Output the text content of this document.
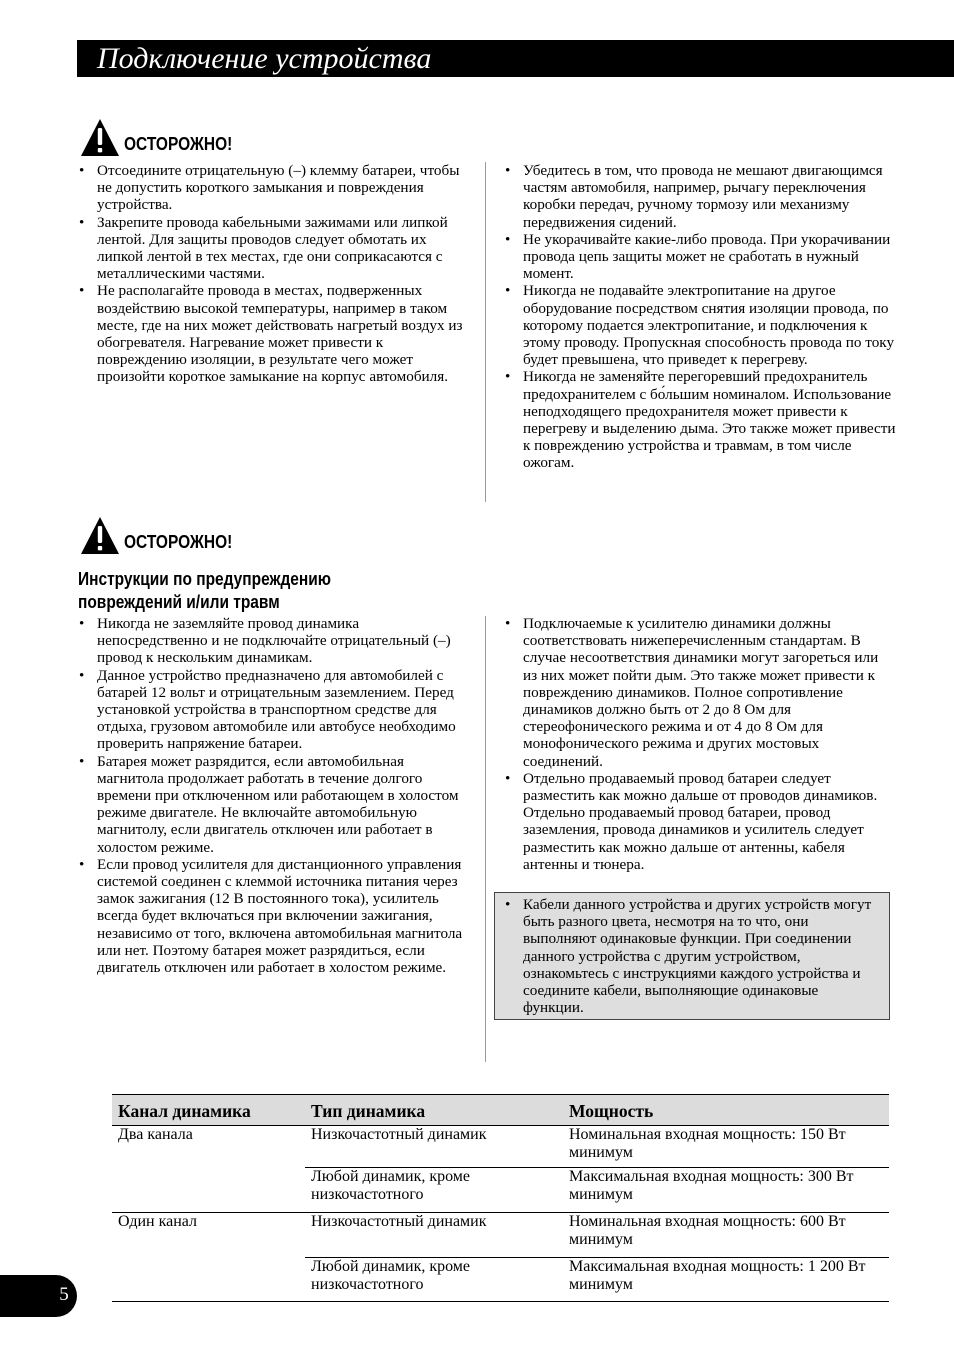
Подключение устройства
ОСТОРОЖНО!
• Отсоедините отрицательную (–) клемму батареи, чтобы не допустить короткого замыкания и повреждения устройства.
• Закрепите провода кабельными зажимами или липкой лентой. Для защиты проводов следует обмотать их липкой лентой в тех местах, где они соприкасаются с металлическими частями.
• Не располагайте провода в местах, подверженных воздействию высокой температуры, например в таком месте, где на них может действовать нагретый воздух из обогревателя. Нагревание может привести к повреждению изоляции, в результате чего может произойти короткое замыкание на корпус автомобиля.
• Убедитесь в том, что провода не мешают двигающимся частям автомобиля, например, рычагу переключения коробки передач, ручному тормозу или механизму передвижения сидений.
• Не укорачивайте какие-либо провода. При укорачивании провода цепь защиты может не сработать в нужный момент.
• Никогда не подавайте электропитание на другое оборудование посредством снятия изоляции провода, по которому подается электропитание, и подключения к этому проводу. Пропускная способность провода по току будет превышена, что приведет к перегреву.
• Никогда не заменяйте перегоревший предохранитель предохранителем с бо́льшим номиналом. Использование неподходящего предохранителя может привести к перегреву и выделению дыма. Это также может привести к повреждению устройства и травмам, в том числе ожогам.
ОСТОРОЖНО!
Инструкции по предупреждению
повреждений и/или травм
• Никогда не заземляйте провод динамика непосредственно и не подключайте отрицательный (–) провод к нескольким динамикам.
• Данное устройство предназначено для автомобилей с батарей 12 вольт и отрицательным заземлением. Перед установкой устройства в транспортном средстве для отдыха, грузовом автомобиле или автобусе необходимо проверить напряжение батареи.
• Батарея может разрядится, если автомобильная магнитола продолжает работать в течение долгого времени при отключенном или работающем в холостом режиме двигателе. Не включайте автомобильную магнитолу, если двигатель отключен или работает в холостом режиме.
• Если провод усилителя для дистанционного управления системой соединен с клеммой источника питания через замок зажигания (12 В постоянного тока), усилитель всегда будет включаться при включении зажигания, независимо от того, включена автомобильная магнитола или нет. Поэтому батарея может разрядиться, если двигатель отключен или работает в холостом режиме.
• Подключаемые к усилителю динамики должны соответствовать нижеперечисленным стандартам. В случае несоответствия динамики могут загореться или из них может пойти дым. Это также может привести к повреждению динамиков. Полное сопротивление динамиков должно быть от 2 до 8 Ом для стереофонического режима и от 4 до 8 Ом для монофонического режима и других мостовых соединений.
• Отдельно продаваемый провод батареи следует разместить как можно дальше от проводов динамиков. Отдельно продаваемый провод батареи, провод заземления, провода динамиков и усилитель следует разместить как можно дальше от антенны, кабеля антенны и тюнера.
• Кабели данного устройства и других устройств могут быть разного цвета, несмотря на то что, они выполняют одинаковые функции. При соединении данного устройства с другим устройством, ознакомьтесь с инструкциями каждого устройства и соедините кабели, выполняющие одинаковые функции.
Канал динамика	Тип динамика	Мощность
Два канала	Низкочастотный динамик	Номинальная входная мощность: 150 Вт минимум
	Любой динамик, кроме низкочастотного	Максимальная входная мощность: 300 Вт минимум
Один канал	Низкочастотный динамик	Номинальная входная мощность: 600 Вт минимум
	Любой динамик, кроме низкочастотного	Максимальная входная мощность: 1 200 Вт минимум
5
